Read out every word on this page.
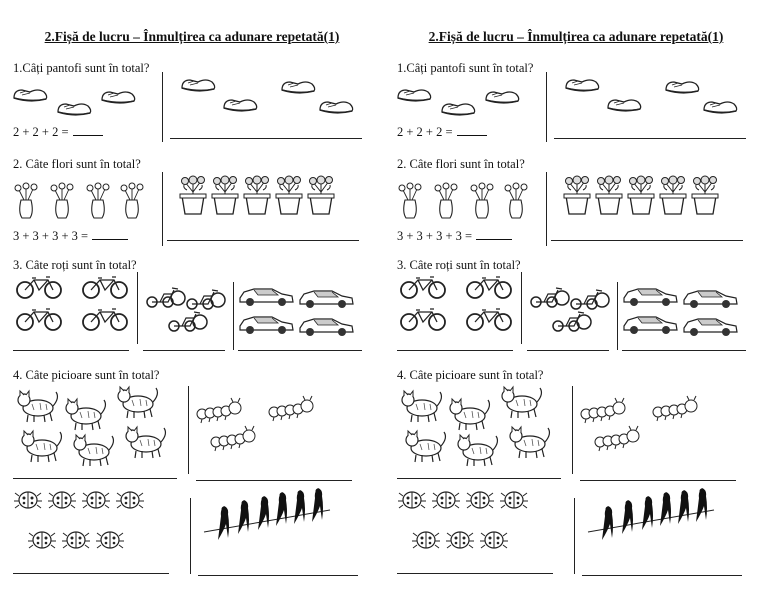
2.Fișă de lucru – Înmulțirea ca adunare repetată(1)
1.Câți pantofi sunt în total?
2 + 2 + 2 =
2. Câte flori sunt în total?
3 + 3 + 3 + 3 =
3. Câte roți sunt în total?
4. Câte picioare sunt în total?
2.Fișă de lucru – Înmulțirea ca adunare repetată(1)
1.Câți pantofi sunt în total?
2 + 2 + 2 =
2. Câte flori sunt în total?
3 + 3 + 3 + 3 =
3. Câte roți sunt în total?
4. Câte picioare sunt în total?
